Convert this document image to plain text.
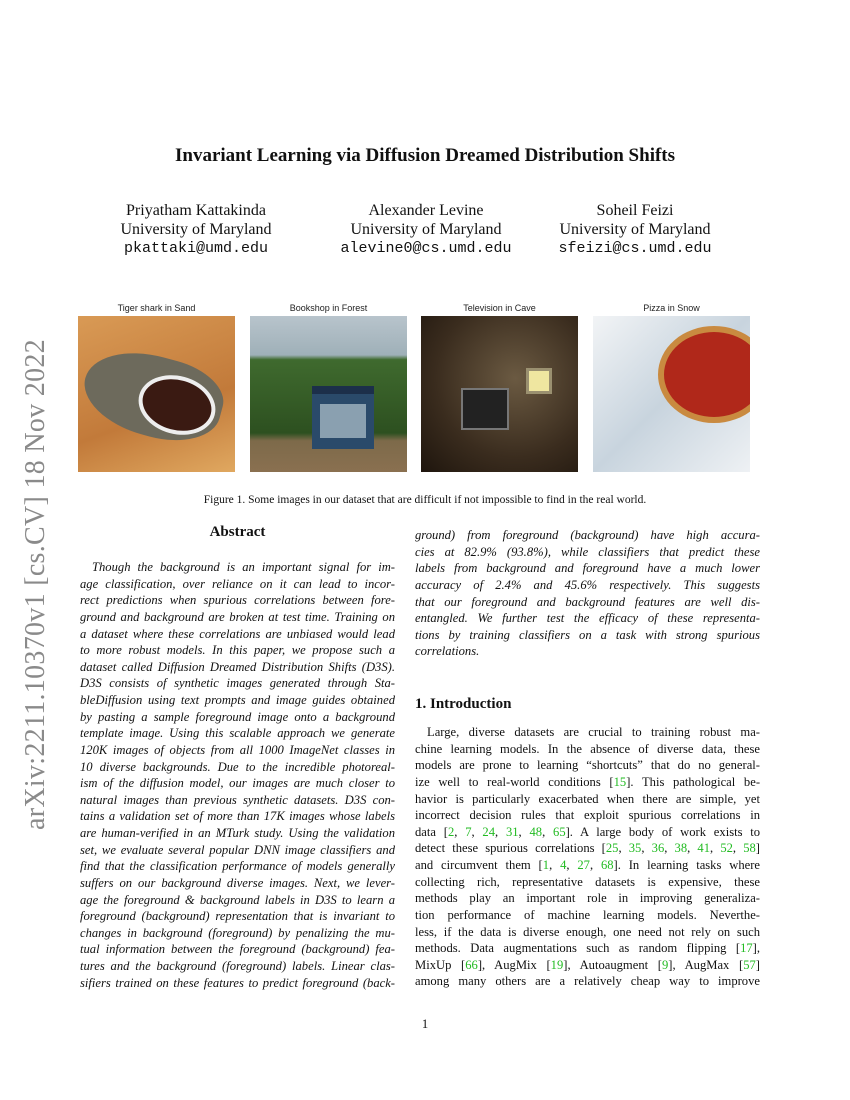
arXiv:2211.10370v1 [cs.CV] 18 Nov 2022
Invariant Learning via Diffusion Dreamed Distribution Shifts
Priyatham Kattakinda
University of Maryland
pkattaki@umd.edu
Alexander Levine
University of Maryland
alevine0@cs.umd.edu
Soheil Feizi
University of Maryland
sfeizi@cs.umd.edu
Tiger shark in Sand	Bookshop in Forest	Television in Cave	Pizza in Snow
Figure 1. Some images in our dataset that are difficult if not impossible to find in the real world.
Abstract
Though the background is an important signal for im-
age classification, over reliance on it can lead to incor-
rect predictions when spurious correlations between fore-
ground and background are broken at test time. Training on
a dataset where these correlations are unbiased would lead
to more robust models. In this paper, we propose such a
dataset called Diffusion Dreamed Distribution Shifts (D3S).
D3S consists of synthetic images generated through Sta-
bleDiffusion using text prompts and image guides obtained
by pasting a sample foreground image onto a background
template image. Using this scalable approach we generate
120K images of objects from all 1000 ImageNet classes in
10 diverse backgrounds. Due to the incredible photoreal-
ism of the diffusion model, our images are much closer to
natural images than previous synthetic datasets. D3S con-
tains a validation set of more than 17K images whose labels
are human-verified in an MTurk study. Using the validation
set, we evaluate several popular DNN image classifiers and
find that the classification performance of models generally
suffers on our background diverse images. Next, we lever-
age the foreground & background labels in D3S to learn a
foreground (background) representation that is invariant to
changes in background (foreground) by penalizing the mu-
tual information between the foreground (background) fea-
tures and the background (foreground) labels. Linear clas-
sifiers trained on these features to predict foreground (back-
ground) from foreground (background) have high accura-
cies at 82.9% (93.8%), while classifiers that predict these
labels from background and foreground have a much lower
accuracy of 2.4% and 45.6% respectively. This suggests
that our foreground and background features are well dis-
entangled. We further test the efficacy of these representa-
tions by training classifiers on a task with strong spurious
correlations.
1. Introduction
Large, diverse datasets are crucial to training robust ma-
chine learning models. In the absence of diverse data, these
models are prone to learning “shortcuts” that do no general-
ize well to real-world conditions [15]. This pathological be-
havior is particularly exacerbated when there are simple, yet
incorrect decision rules that exploit spurious correlations in
data [2, 7, 24, 31, 48, 65]. A large body of work exists to
detect these spurious correlations [25, 35, 36, 38, 41, 52, 58]
and circumvent them [1, 4, 27, 68]. In learning tasks where
collecting rich, representative datasets is expensive, these
methods play an important role in improving generaliza-
tion performance of machine learning models. Neverthe-
less, if the data is diverse enough, one need not rely on such
methods. Data augmentations such as random flipping [17],
MixUp [66], AugMix [19], Autoaugment [9], AugMax [57]
among many others are a relatively cheap way to improve
1
